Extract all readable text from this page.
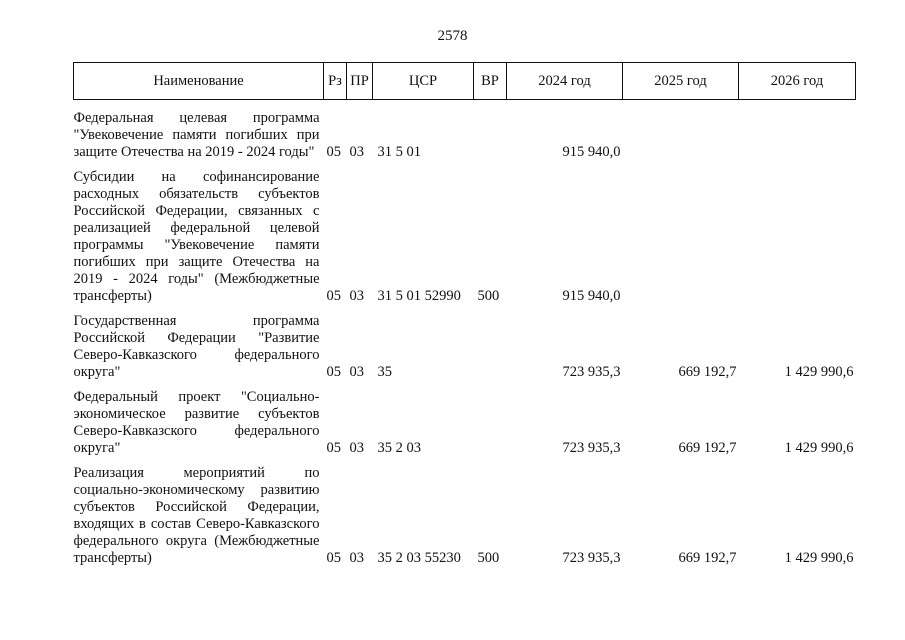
2578
Наименование	Рз	ПР	ЦСР	ВР	2024 год	2025 год	2026 год
Федеральная целевая программа "Увековечение памяти погибших при защите Отечества на 2019 - 2024 годы"	05	03	31 5 01		915 940,0		
Субсидии на софинансирование расходных обязательств субъектов Российской Федерации, связанных с реализацией федеральной целевой программы "Увековечение памяти погибших при защите Отечества на 2019 - 2024 годы" (Межбюджетные трансферты)	05	03	31 5 01 52990	500	915 940,0		
Государственная программа Российской Федерации "Развитие Северо-Кавказского федерального округа"	05	03	35		723 935,3	669 192,7	1 429 990,6
Федеральный проект "Социально-экономическое развитие субъектов Северо-Кавказского федерального округа"	05	03	35 2 03		723 935,3	669 192,7	1 429 990,6
Реализация мероприятий по социально-экономическому развитию субъектов Российской Федерации, входящих в состав Северо-Кавказского федерального округа (Межбюджетные трансферты)	05	03	35 2 03 55230	500	723 935,3	669 192,7	1 429 990,6
